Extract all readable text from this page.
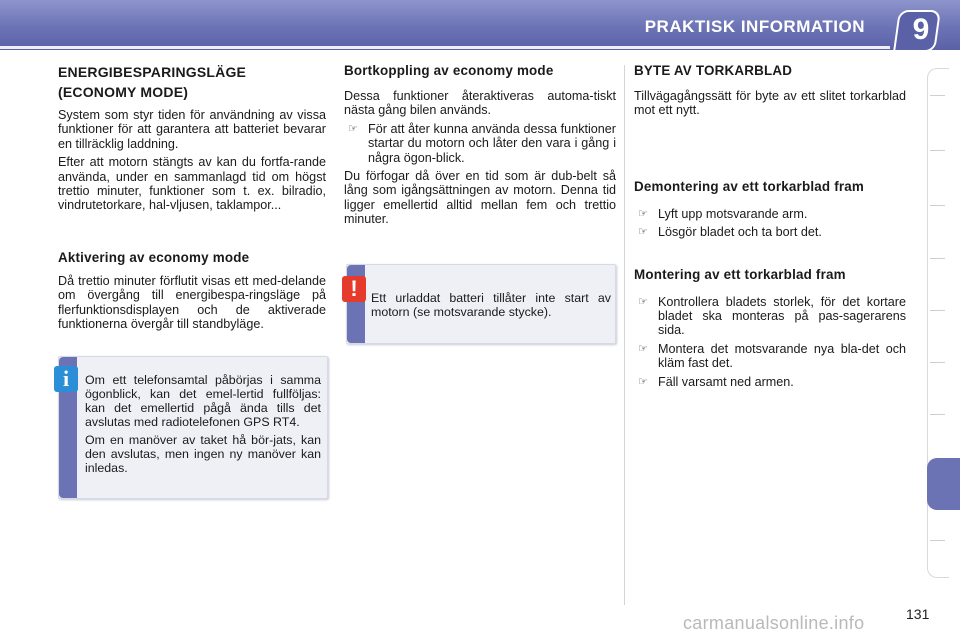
PRAKTISK INFORMATION 9
ENERGIBESPARINGSLÄGE (ECONOMY MODE)

System som styr tiden för användning av vissa funktioner för att garantera att batteriet bevarar en tillräcklig laddning.

Efter att motorn stängts av kan du fortfa-rande använda, under en sammanlagd tid om högst trettio minuter, funktioner som t. ex. bilradio, vindrutetorkare, hal-vljusen, taklampor...

Aktivering av economy mode

Då trettio minuter förflutit visas ett med-delande om övergång till energibespa-ringsläge på flerfunktionsdisplayen och de aktiverade funktionerna övergår till standbyläge.

Om ett telefonsamtal påbörjas i samma ögonblick, kan det emel-lertid fullföljas: kan det emellertid pågå ända tills det avslutas med radiotelefonen GPS RT4.

Om en manöver av taket hå bör-jats, kan den avslutas, men ingen ny manöver kan inledas.

i
Bortkoppling av economy mode

Dessa funktioner återaktiveras automa-tiskt nästa gång bilen används.

☞ För att åter kunna använda dessa funktioner startar du motorn och låter den vara i gång i några ögon-blick.

Du förfogar då över en tid som är dub-belt så lång som igångsättningen av motorn. Denna tid ligger emellertid alltid mellan fem och trettio minuter.

Ett urladdat batteri tillåter inte start av motorn (se motsvarande stycke).
!
BYTE AV TORKARBLAD

Tillvägagångssätt för byte av ett slitet torkarblad mot ett nytt.

Demontering av ett torkarblad fram
☞ Lyft upp motsvarande arm.
☞ Lösgör bladet och ta bort det.
Montering av ett torkarblad fram
☞ Kontrollera bladets storlek, för det kortare bladet ska monteras på pas-sagerarens sida.
☞ Montera det motsvarande nya bla-det och kläm fast det.
☞ Fäll varsamt ned armen.
131
carmanualsonline.info
